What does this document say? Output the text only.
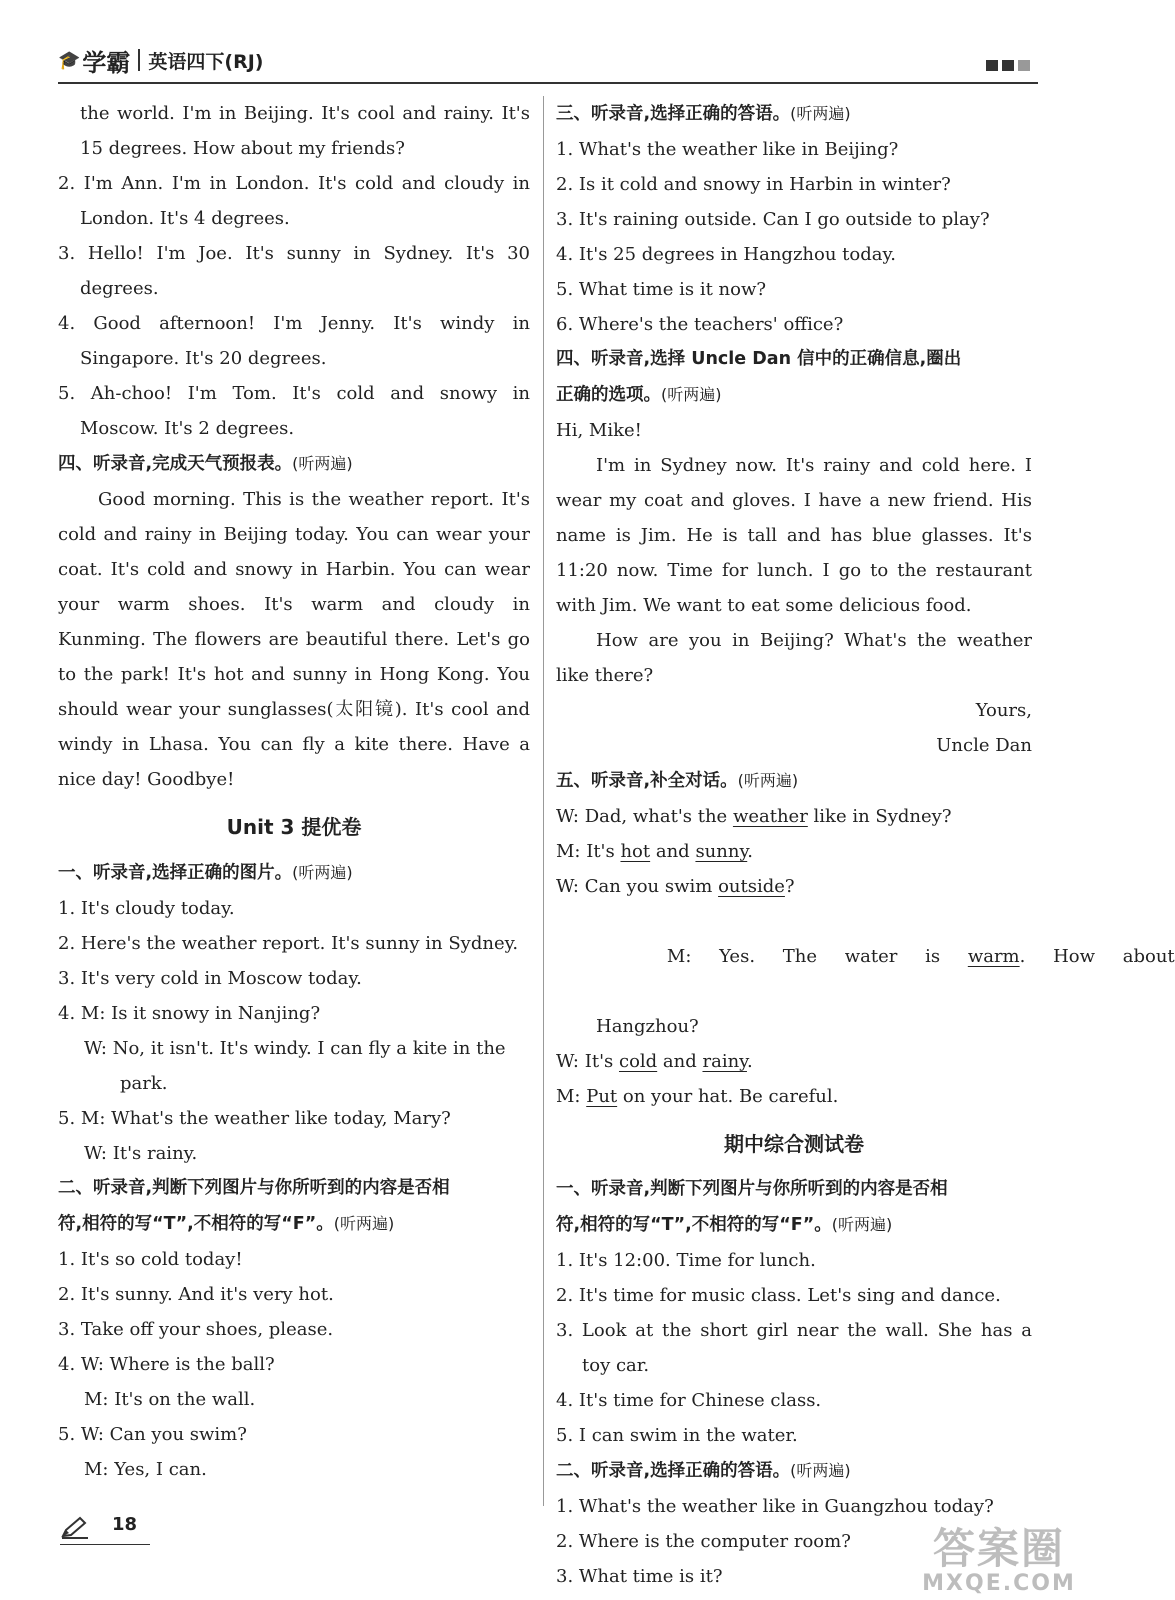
🎓 学霸 英语四下(RJ)
the world. I'm in Beijing. It's cool and rainy. It's
15 degrees. How about my friends?
2. I'm Ann. I'm in London. It's cold and cloudy in
London. It's 4 degrees.
3. Hello! I'm Joe. It's sunny in Sydney. It's 30
degrees.
4. Good afternoon! I'm Jenny. It's windy in
Singapore. It's 20 degrees.
5. Ah-choo! I'm Tom. It's cold and snowy in
Moscow. It's 2 degrees.
四、听录音,完成天气预报表。(听两遍)
Good morning. This is the weather report. It's
cold and rainy in Beijing today. You can wear your
coat. It's cold and snowy in Harbin. You can wear
your warm shoes. It's warm and cloudy in
Kunming. The flowers are beautiful there. Let's go
to the park! It's hot and sunny in Hong Kong. You
should wear your sunglasses(太阳镜). It's cool and
windy in Lhasa. You can fly a kite there. Have a
nice day! Goodbye!
Unit 3 提优卷
一、听录音,选择正确的图片。(听两遍)
1. It's cloudy today.
2. Here's the weather report. It's sunny in Sydney.
3. It's very cold in Moscow today.
4. M: Is it snowy in Nanjing?
W: No, it isn't. It's windy. I can fly a kite in the
park.
5. M: What's the weather like today, Mary?
W: It's rainy.
二、听录音,判断下列图片与你所听到的内容是否相
符,相符的写“T”,不相符的写“F”。(听两遍)
1. It's so cold today!
2. It's sunny. And it's very hot.
3. Take off your shoes, please.
4. W: Where is the ball?
M: It's on the wall.
5. W: Can you swim?
M: Yes, I can.
三、听录音,选择正确的答语。(听两遍)
1. What's the weather like in Beijing?
2. Is it cold and snowy in Harbin in winter?
3. It's raining outside. Can I go outside to play?
4. It's 25 degrees in Hangzhou today.
5. What time is it now?
6. Where's the teachers' office?
四、听录音,选择 Uncle Dan 信中的正确信息,圈出
正确的选项。(听两遍)
Hi, Mike!
I'm in Sydney now. It's rainy and cold here. I
wear my coat and gloves. I have a new friend. His
name is Jim. He is tall and has blue glasses. It's
11:20 now. Time for lunch. I go to the restaurant
with Jim. We want to eat some delicious food.
How are you in Beijing? What's the weather
like there?
Yours,
Uncle Dan
五、听录音,补全对话。(听两遍)
W: Dad, what's the weather like in Sydney?
M: It's hot and sunny.
W: Can you swim outside?

M: Yes. The water is warm. How about

Hangzhou?
W: It's cold and rainy.
M: Put on your hat. Be careful.
期中综合测试卷
一、听录音,判断下列图片与你所听到的内容是否相
符,相符的写“T”,不相符的写“F”。(听两遍)
1. It's 12:00. Time for lunch.
2. It's time for music class. Let's sing and dance.
3. Look at the short girl near the wall. She has a
toy car.
4. It's time for Chinese class.
5. I can swim in the water.
二、听录音,选择正确的答语。(听两遍)
1. What's the weather like in Guangzhou today?
2. Where is the computer room?
3. What time is it?
18	答案圈
MXQE.COM
